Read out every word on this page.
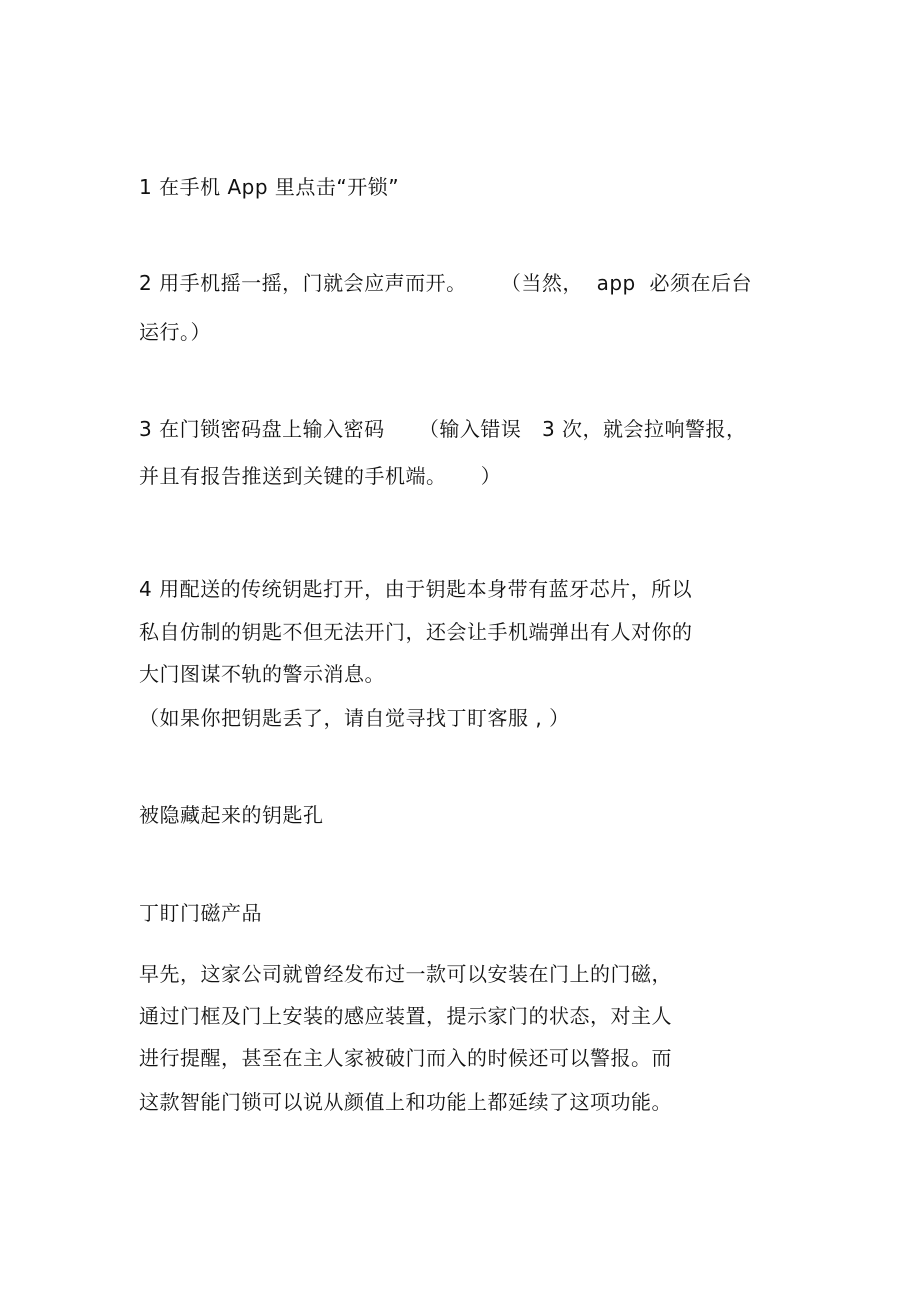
1 在手机 App 里点击“开锁”
2 用手机摇一摇，门就会应声而开。     （当然，  app  必须在后台
运行。）
3 在门锁密码盘上输入密码     （输入错误   3 次，就会拉响警报，
并且有报告推送到关键的手机端。     ）
4 用配送的传统钥匙打开，由于钥匙本身带有蓝牙芯片，所以
私自仿制的钥匙不但无法开门，还会让手机端弹出有人对你的
大门图谋不轨的警示消息。
（如果你把钥匙丢了，请自觉寻找丁盯客服 , ）
被隐藏起来的钥匙孔
丁盯门磁产品
早先，这家公司就曾经发布过一款可以安装在门上的门磁，
通过门框及门上安装的感应装置，提示家门的状态，对主人
进行提醒，甚至在主人家被破门而入的时候还可以警报。而
这款智能门锁可以说从颜值上和功能上都延续了这项功能。
